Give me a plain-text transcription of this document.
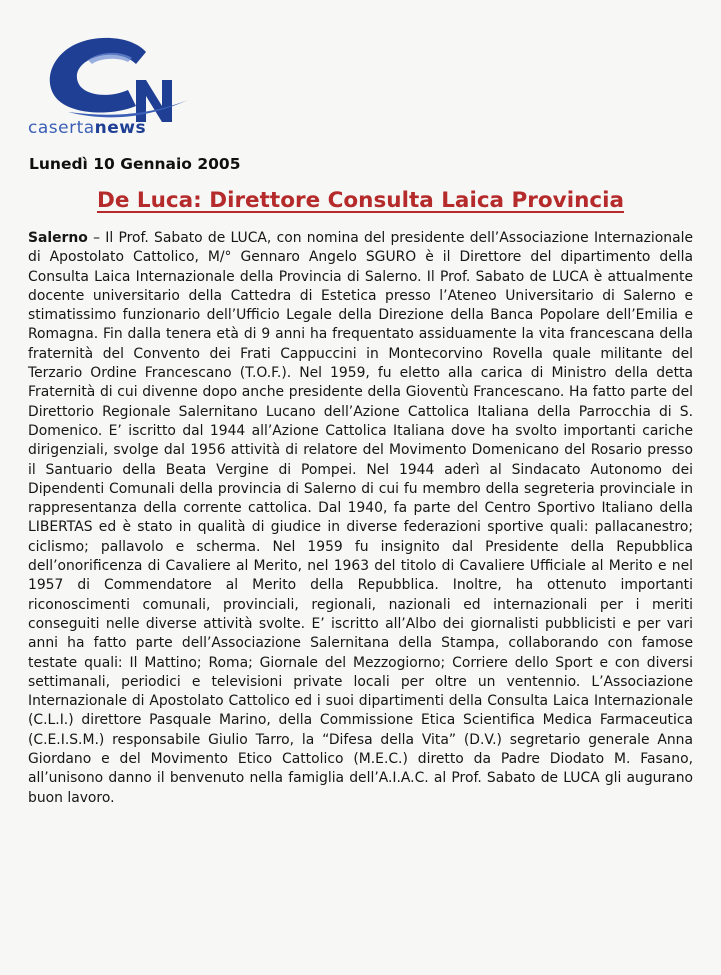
casertanews
Lunedì 10 Gennaio 2005
De Luca: Direttore Consulta Laica Provincia
Salerno – Il Prof. Sabato de LUCA, con nomina del presidente dell’Associazione Internazionale di Apostolato Cattolico, M/° Gennaro Angelo SGURO è il Direttore del dipartimento della Consulta Laica Internazionale della Provincia di Salerno. Il Prof. Sabato de LUCA è attualmente docente universitario della Cattedra di Estetica presso l’Ateneo Universitario di Salerno e stimatissimo funzionario dell’Ufficio Legale della Direzione della Banca Popolare dell’Emilia e Romagna. Fin dalla tenera età di 9 anni ha frequentato assiduamente la vita francescana della fraternità del Convento dei Frati Cappuccini in Montecorvino Rovella quale militante del Terzario Ordine Francescano (T.O.F.). Nel 1959, fu eletto alla carica di Ministro della detta Fraternità di cui divenne dopo anche presidente della Gioventù Francescano. Ha fatto parte del Direttorio Regionale Salernitano Lucano dell’Azione Cattolica Italiana della Parrocchia di S. Domenico. E’ iscritto dal 1944 all’Azione Cattolica Italiana dove ha svolto importanti cariche dirigenziali, svolge dal 1956 attività di relatore del Movimento Domenicano del Rosario presso il Santuario della Beata Vergine di Pompei. Nel 1944 aderì al Sindacato Autonomo dei Dipendenti Comunali della provincia di Salerno di cui fu membro della segreteria provinciale in rappresentanza della corrente cattolica. Dal 1940, fa parte del Centro Sportivo Italiano della LIBERTAS ed è stato in qualità di giudice in diverse federazioni sportive quali: pallacanestro; ciclismo; pallavolo e scherma. Nel 1959 fu insignito dal Presidente della Repubblica dell’onorificenza di Cavaliere al Merito, nel 1963 del titolo di Cavaliere Ufficiale al Merito e nel 1957 di Commendatore al Merito della Repubblica. Inoltre, ha ottenuto importanti riconoscimenti comunali, provinciali, regionali, nazionali ed internazionali per i meriti conseguiti nelle diverse attività svolte. E’ iscritto all’Albo dei giornalisti pubblicisti e per vari anni ha fatto parte dell’Associazione Salernitana della Stampa, collaborando con famose testate quali: Il Mattino; Roma; Giornale del Mezzogiorno; Corriere dello Sport e con diversi settimanali, periodici e televisioni private locali per oltre un ventennio. L’Associazione Internazionale di Apostolato Cattolico ed i suoi dipartimenti della Consulta Laica Internazionale (C.L.I.) direttore Pasquale Marino, della Commissione Etica Scientifica Medica Farmaceutica (C.E.I.S.M.) responsabile Giulio Tarro, la “Difesa della Vita” (D.V.) segretario generale Anna Giordano e del Movimento Etico Cattolico (M.E.C.) diretto da Padre Diodato M. Fasano, all’unisono danno il benvenuto nella famiglia dell’A.I.A.C. al Prof. Sabato de LUCA gli augurano buon lavoro.
